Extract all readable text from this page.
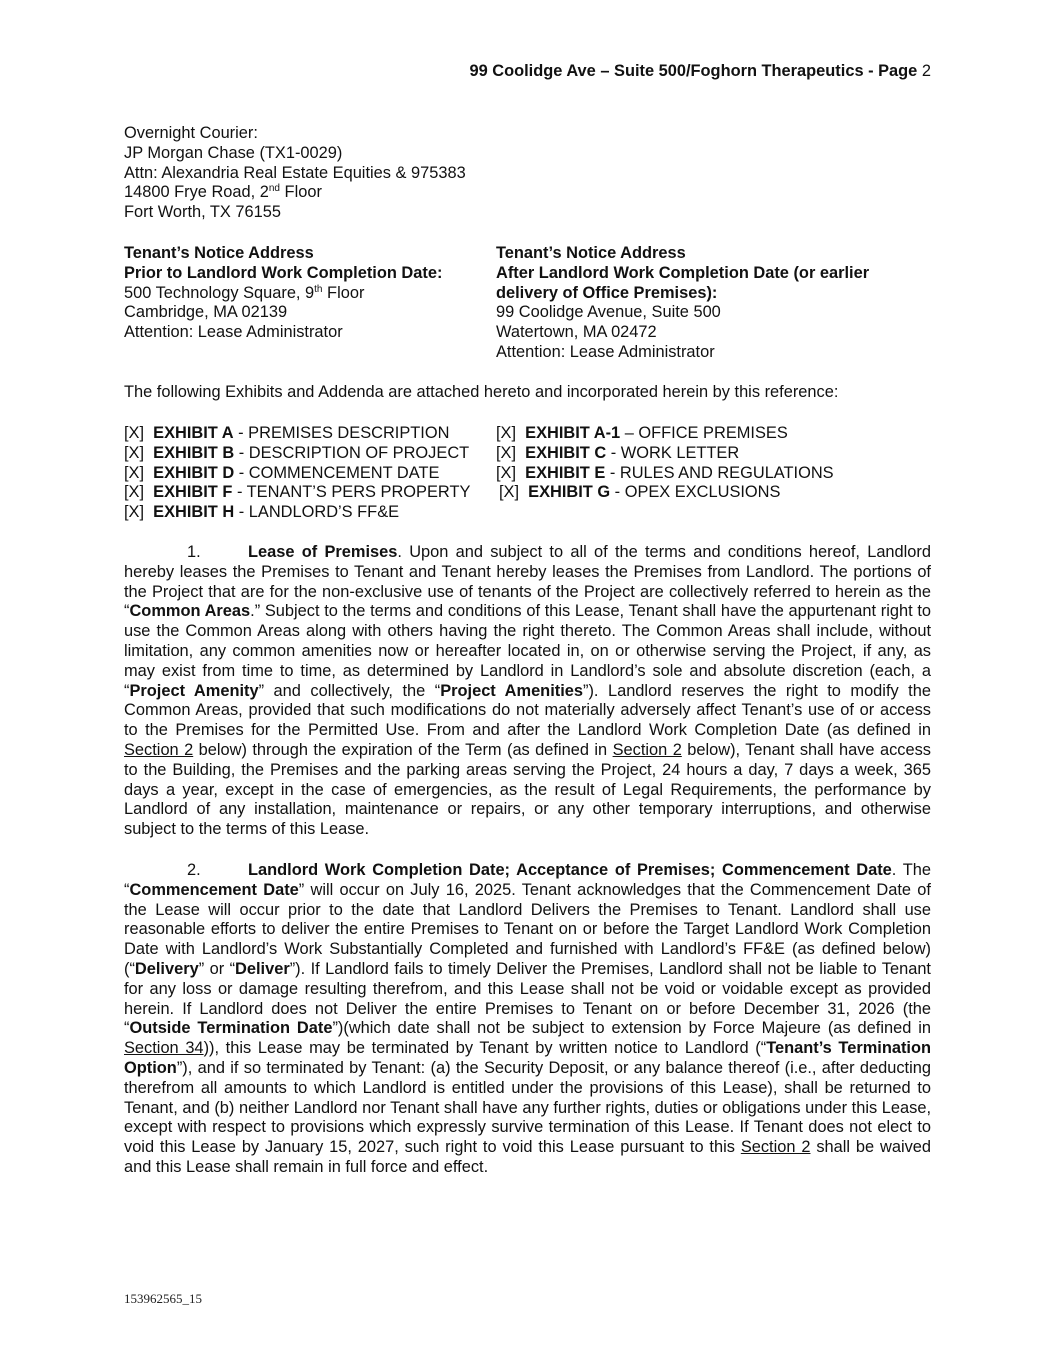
99 Coolidge Ave – Suite 500/Foghorn Therapeutics - Page 2
Overnight Courier:
JP Morgan Chase (TX1-0029)
Attn: Alexandria Real Estate Equities & 975383
14800 Frye Road, 2nd Floor
Fort Worth, TX 76155
Tenant’s Notice Address
Prior to Landlord Work Completion Date:
500 Technology Square, 9th Floor
Cambridge, MA 02139
Attention: Lease Administrator
Tenant’s Notice Address
After Landlord Work Completion Date (or earlier
delivery of Office Premises):
99 Coolidge Avenue, Suite 500
Watertown, MA 02472
Attention: Lease Administrator
The following Exhibits and Addenda are attached hereto and incorporated herein by this reference:
[X] EXHIBIT A - PREMISES DESCRIPTION	[X] EXHIBIT A-1 – OFFICE PREMISES
[X] EXHIBIT B - DESCRIPTION OF PROJECT [X] EXHIBIT C - WORK LETTER
[X] EXHIBIT D - COMMENCEMENT DATE	[X] EXHIBIT E - RULES AND REGULATIONS
[X] EXHIBIT F - TENANT’S PERS PROPERTY [X] EXHIBIT G - OPEX EXCLUSIONS
[X] EXHIBIT H - LANDLORD’S FF&E
1.	Lease of Premises. Upon and subject to all of the terms and conditions hereof, Landlord hereby leases the Premises to Tenant and Tenant hereby leases the Premises from Landlord. The portions of the Project that are for the non-exclusive use of tenants of the Project are collectively referred to herein as the “Common Areas.” Subject to the terms and conditions of this Lease, Tenant shall have the appurtenant right to use the Common Areas along with others having the right thereto. The Common Areas shall include, without limitation, any common amenities now or hereafter located in, on or otherwise serving the Project, if any, as may exist from time to time, as determined by Landlord in Landlord’s sole and absolute discretion (each, a “Project Amenity” and collectively, the “Project Amenities”). Landlord reserves the right to modify the Common Areas, provided that such modifications do not materially adversely affect Tenant’s use of or access to the Premises for the Permitted Use. From and after the Landlord Work Completion Date (as defined in Section 2 below) through the expiration of the Term (as defined in Section 2 below), Tenant shall have access to the Building, the Premises and the parking areas serving the Project, 24 hours a day, 7 days a week, 365 days a year, except in the case of emergencies, as the result of Legal Requirements, the performance by Landlord of any installation, maintenance or repairs, or any other temporary interruptions, and otherwise subject to the terms of this Lease.
2.	Landlord Work Completion Date; Acceptance of Premises; Commencement Date. The “Commencement Date” will occur on July 16, 2025. Tenant acknowledges that the Commencement Date of the Lease will occur prior to the date that Landlord Delivers the Premises to Tenant. Landlord shall use reasonable efforts to deliver the entire Premises to Tenant on or before the Target Landlord Work Completion Date with Landlord’s Work Substantially Completed and furnished with Landlord’s FF&E (as defined below) (“Delivery” or “Deliver”). If Landlord fails to timely Deliver the Premises, Landlord shall not be liable to Tenant for any loss or damage resulting therefrom, and this Lease shall not be void or voidable except as provided herein. If Landlord does not Deliver the entire Premises to Tenant on or before December 31, 2026 (the “Outside Termination Date”)(which date shall not be subject to extension by Force Majeure (as defined in Section 34)), this Lease may be terminated by Tenant by written notice to Landlord (“Tenant’s Termination Option”), and if so terminated by Tenant: (a) the Security Deposit, or any balance thereof (i.e., after deducting therefrom all amounts to which Landlord is entitled under the provisions of this Lease), shall be returned to Tenant, and (b) neither Landlord nor Tenant shall have any further rights, duties or obligations under this Lease, except with respect to provisions which expressly survive termination of this Lease. If Tenant does not elect to void this Lease by January 15, 2027, such right to void this Lease pursuant to this Section 2 shall be waived and this Lease shall remain in full force and effect.
153962565_15
